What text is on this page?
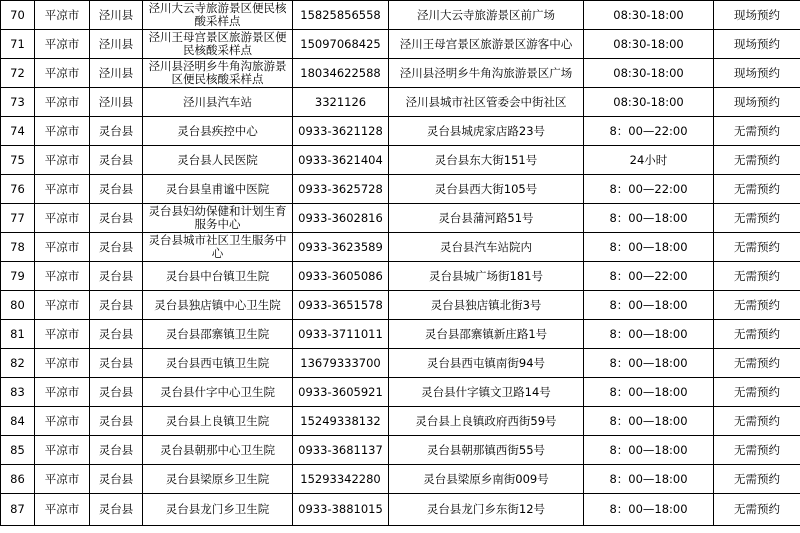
70	平凉市	泾川县	泾川大云寺旅游景区便民核酸采样点	15825856558	泾川大云寺旅游景区前广场	08:30-18:00	现场预约
71	平凉市	泾川县	泾川王母宫景区旅游景区便民核酸采样点	15097068425	泾川王母宫景区旅游景区游客中心	08:30-18:00	现场预约
72	平凉市	泾川县	泾川县泾明乡牛角沟旅游景区便民核酸采样点	18034622588	泾川县泾明乡牛角沟旅游景区广场	08:30-18:00	现场预约
73	平凉市	泾川县	泾川县汽车站	3321126	泾川县城市社区管委会中街社区	08:30-18:00	现场预约
74	平凉市	灵台县	灵台县疾控中心	0933-3621128	灵台县城虎家店路23号	8：00—22:00	无需预约
75	平凉市	灵台县	灵台县人民医院	0933-3621404	灵台县东大街151号	24小时	无需预约
76	平凉市	灵台县	灵台县皇甫谧中医院	0933-3625728	灵台县西大街105号	8：00—22:00	无需预约
77	平凉市	灵台县	灵台县妇幼保健和计划生育服务中心	0933-3602816	灵台县蒲河路51号	8：00—18:00	无需预约
78	平凉市	灵台县	灵台县城市社区卫生服务中心	0933-3623589	灵台县汽车站院内	8：00—18:00	无需预约
79	平凉市	灵台县	灵台县中台镇卫生院	0933-3605086	灵台县城广场街181号	8：00—22:00	无需预约
80	平凉市	灵台县	灵台县独店镇中心卫生院	0933-3651578	灵台县独店镇北街3号	8：00—18:00	无需预约
81	平凉市	灵台县	灵台县邵寨镇卫生院	0933-3711011	灵台县邵寨镇新庄路1号	8：00—18:00	无需预约
82	平凉市	灵台县	灵台县西屯镇卫生院	13679333700	灵台县西屯镇南街94号	8：00—18:00	无需预约
83	平凉市	灵台县	灵台县什字中心卫生院	0933-3605921	灵台县什字镇文卫路14号	8：00—18:00	无需预约
84	平凉市	灵台县	灵台县上良镇卫生院	15249338132	灵台县上良镇政府西街59号	8：00—18:00	无需预约
85	平凉市	灵台县	灵台县朝那中心卫生院	0933-3681137	灵台县朝那镇西街55号	8：00—18:00	无需预约
86	平凉市	灵台县	灵台县梁原乡卫生院	15293342280	灵台县梁原乡南街009号	8：00—18:00	无需预约
87	平凉市	灵台县	灵台县龙门乡卫生院	0933-3881015	灵台县龙门乡东街12号	8：00—18:00	无需预约
